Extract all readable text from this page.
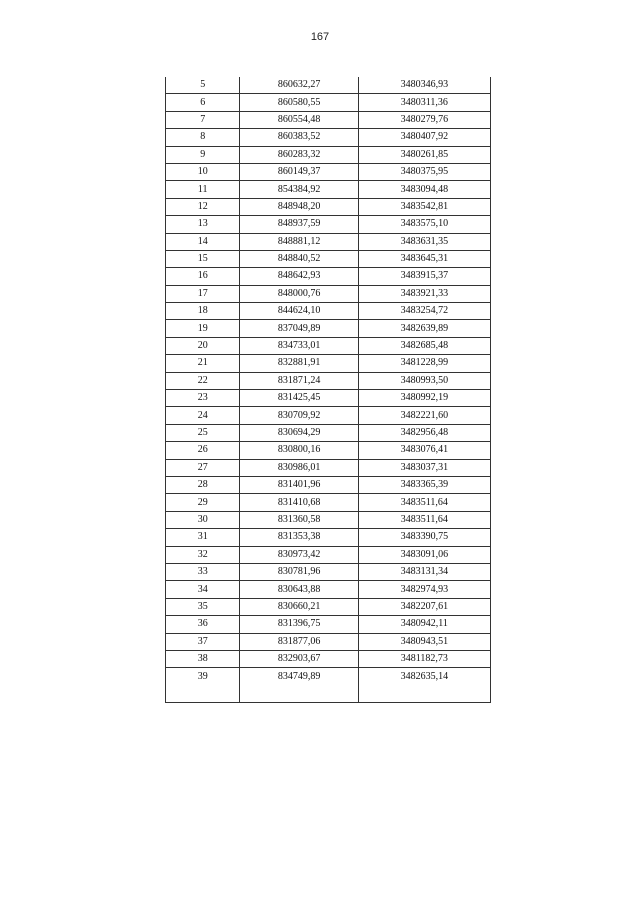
167
5	860632,27	3480346,93
6	860580,55	3480311,36
7	860554,48	3480279,76
8	860383,52	3480407,92
9	860283,32	3480261,85
10	860149,37	3480375,95
11	854384,92	3483094,48
12	848948,20	3483542,81
13	848937,59	3483575,10
14	848881,12	3483631,35
15	848840,52	3483645,31
16	848642,93	3483915,37
17	848000,76	3483921,33
18	844624,10	3483254,72
19	837049,89	3482639,89
20	834733,01	3482685,48
21	832881,91	3481228,99
22	831871,24	3480993,50
23	831425,45	3480992,19
24	830709,92	3482221,60
25	830694,29	3482956,48
26	830800,16	3483076,41
27	830986,01	3483037,31
28	831401,96	3483365,39
29	831410,68	3483511,64
30	831360,58	3483511,64
31	831353,38	3483390,75
32	830973,42	3483091,06
33	830781,96	3483131,34
34	830643,88	3482974,93
35	830660,21	3482207,61
36	831396,75	3480942,11
37	831877,06	3480943,51
38	832903,67	3481182,73
39	834749,89	3482635,14
